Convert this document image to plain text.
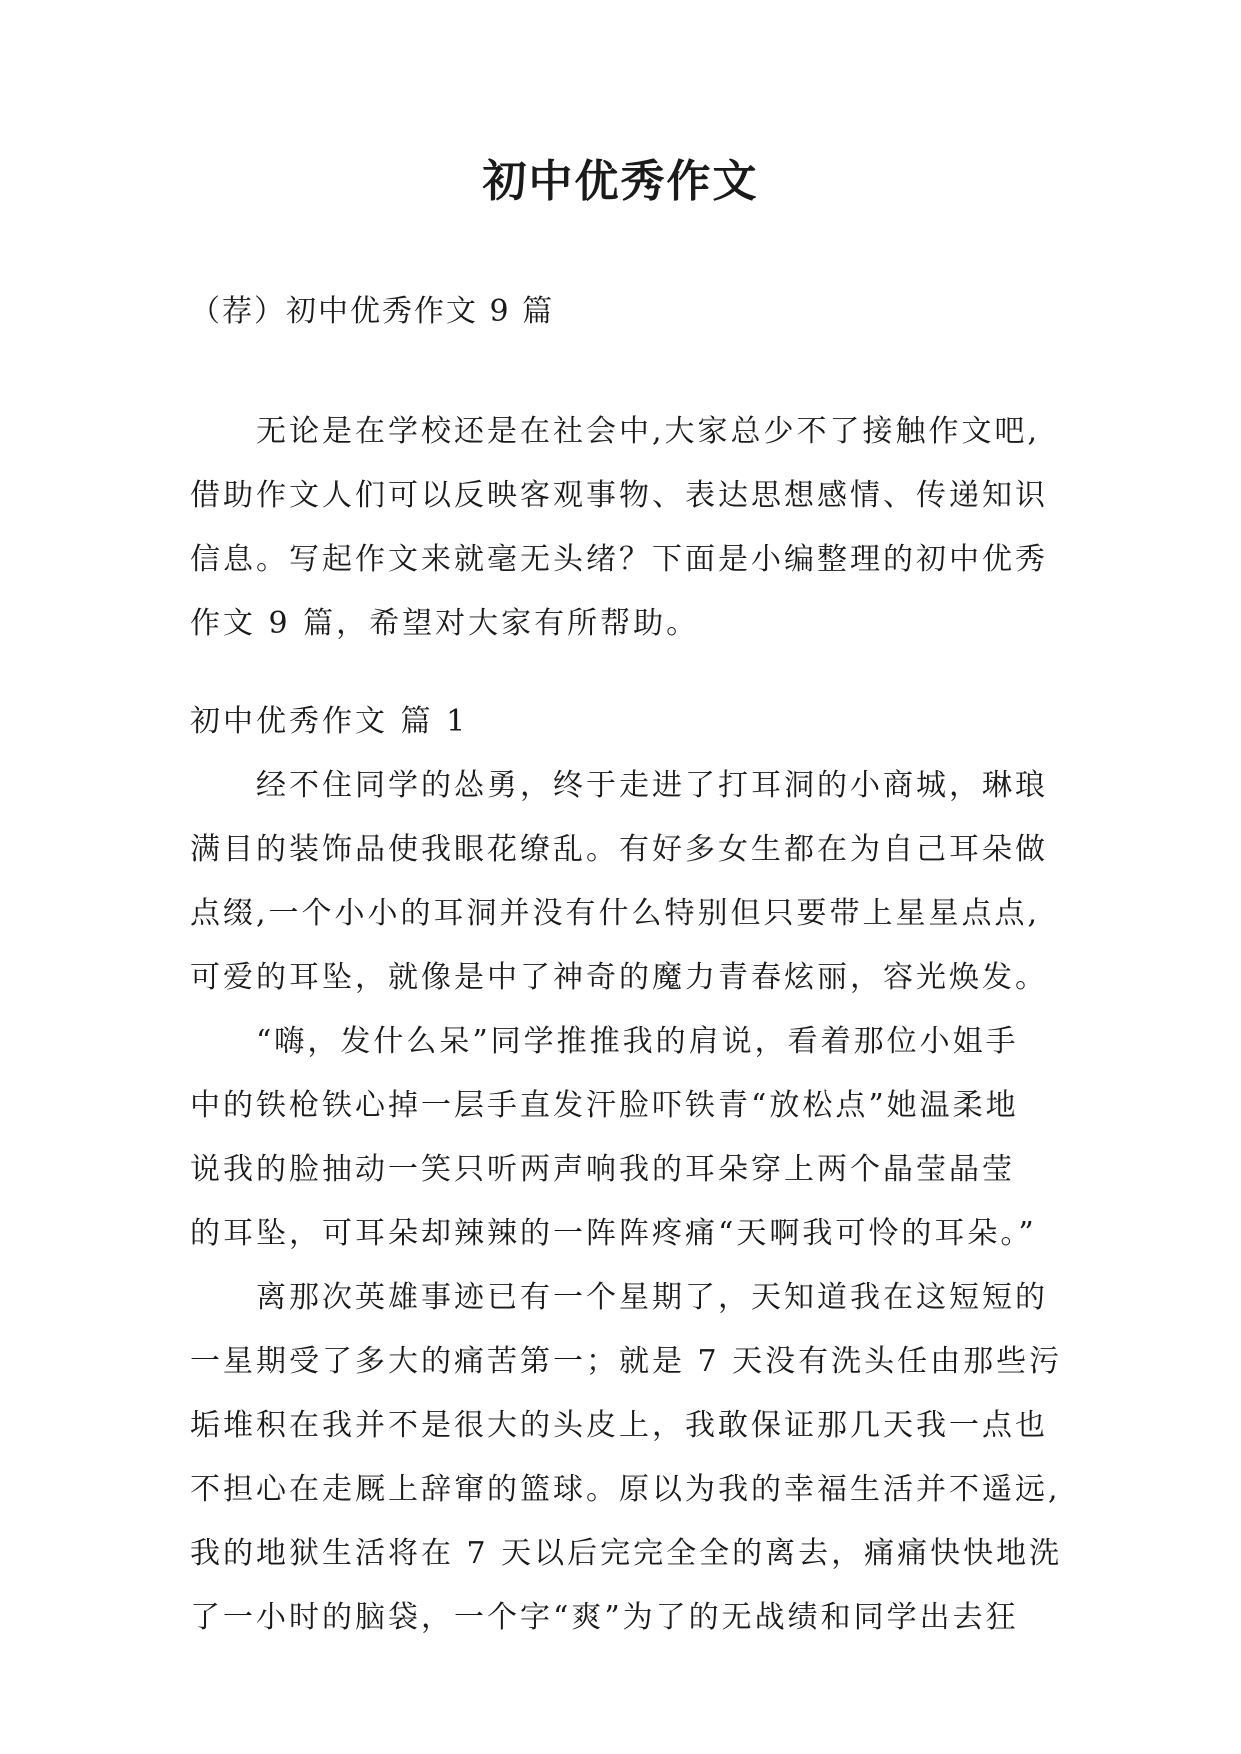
初中优秀作文

（荐）初中优秀作文 9 篇

无论是在学校还是在社会中,大家总少不了接触作文吧,
借助作文人们可以反映客观事物、表达思想感情、传递知识
信息。写起作文来就毫无头绪？下面是小编整理的初中优秀
作文 9 篇，希望对大家有所帮助。
初中优秀作文 篇 1
经不住同学的怂勇，终于走进了打耳洞的小商城，琳琅
满目的装饰品使我眼花缭乱。有好多女生都在为自己耳朵做
点缀,一个小小的耳洞并没有什么特别但只要带上星星点点,
可爱的耳坠，就像是中了神奇的魔力青春炫丽，容光焕发。
“嗨，发什么呆”同学推推我的肩说，看着那位小姐手
中的铁枪铁心掉一层手直发汗脸吓铁青“放松点”她温柔地
说我的脸抽动一笑只听两声响我的耳朵穿上两个晶莹晶莹
的耳坠，可耳朵却辣辣的一阵阵疼痛“天啊我可怜的耳朵。”
离那次英雄事迹已有一个星期了，天知道我在这短短的
一星期受了多大的痛苦第一；就是 7 天没有洗头任由那些污
垢堆积在我并不是很大的头皮上，我敢保证那几天我一点也
不担心在走厩上辞窜的篮球。原以为我的幸福生活并不遥远,
我的地狱生活将在 7 天以后完完全全的离去，痛痛快快地洗
了一小时的脑袋，一个字“爽”为了的无战绩和同学出去狂
